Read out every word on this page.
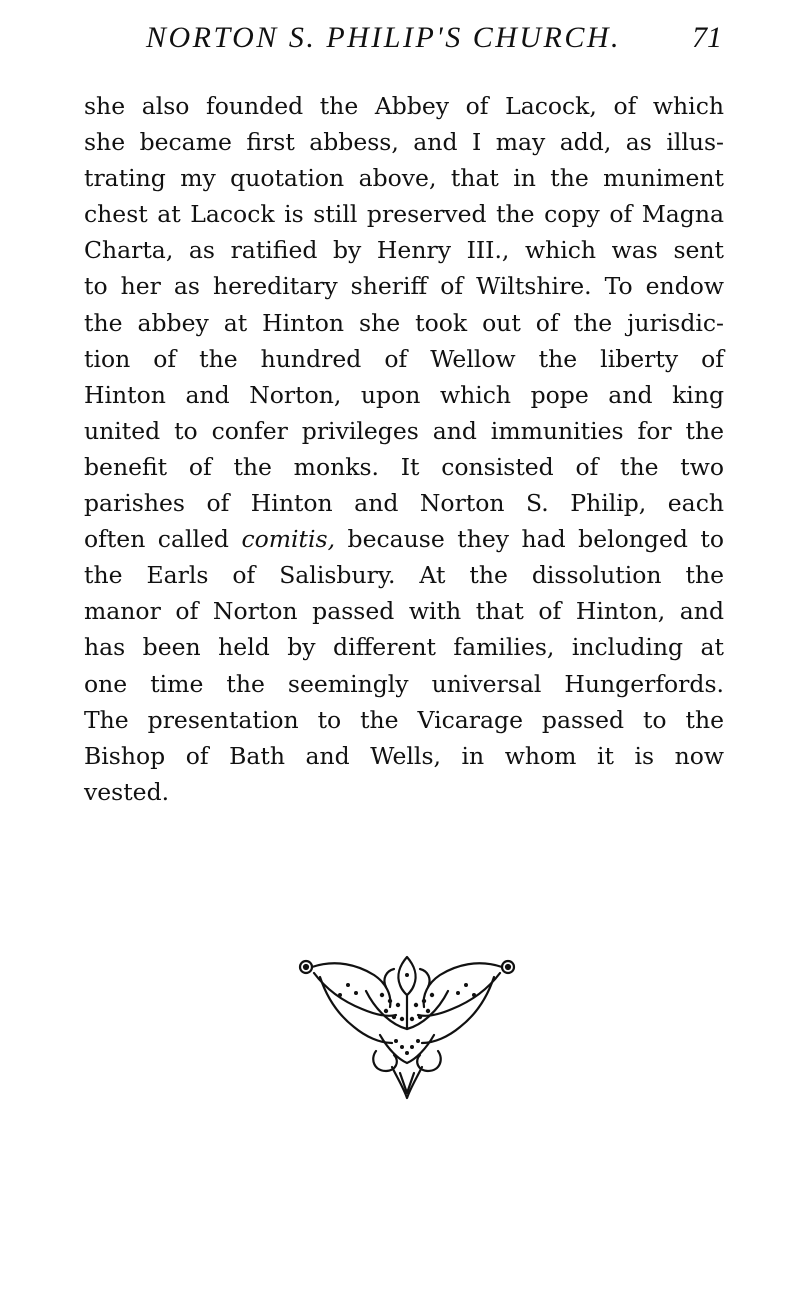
NORTON S. PHILIP'S CHURCH. 71
she also founded the Abbey of Lacock, of which
she became first abbess, and I may add, as illus-
trating my quotation above, that in the muniment
chest at Lacock is still preserved the copy of Magna
Charta, as ratified by Henry III., which was sent
to her as hereditary sheriff of Wiltshire. To endow
the abbey at Hinton she took out of the jurisdic-
tion of the hundred of Wellow the liberty of
Hinton and Norton, upon which pope and king
united to confer privileges and immunities for the
benefit of the monks. It consisted of the two
parishes of Hinton and Norton S. Philip, each
often called comitis, because they had belonged to
the Earls of Salisbury. At the dissolution the
manor of Norton passed with that of Hinton, and
has been held by different families, including at
one time the seemingly universal Hungerfords.
The presentation to the Vicarage passed to the
Bishop of Bath and Wells, in whom it is now
vested.
